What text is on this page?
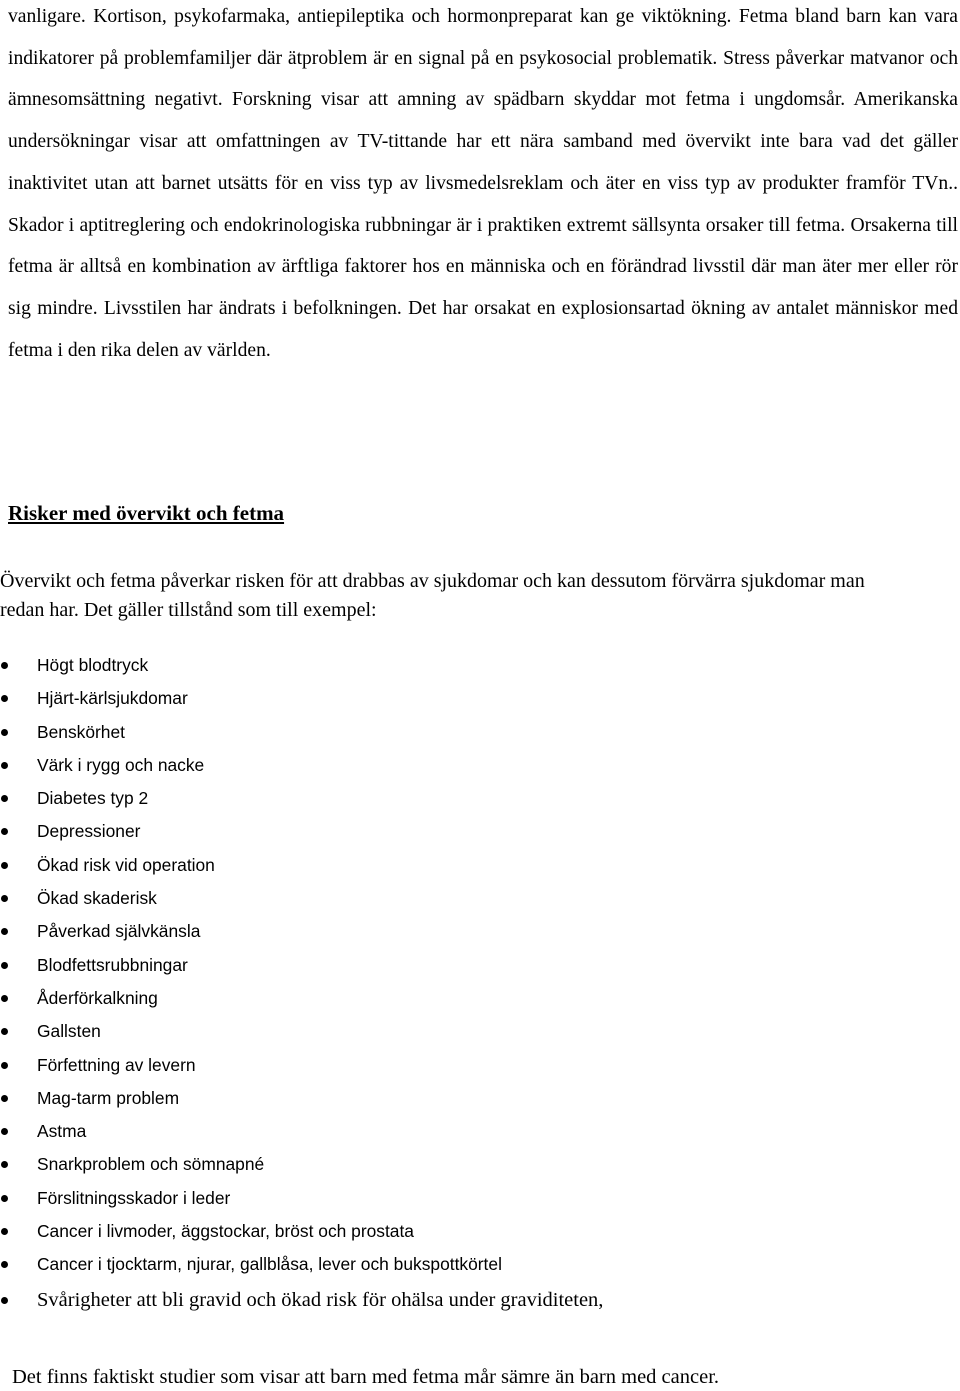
vanligare. Kortison, psykofarmaka, antiepileptika och hormonpreparat kan ge viktökning. Fetma bland barn kan vara indikatorer på problemfamiljer där ätproblem är en signal på en psykosocial problematik. Stress påverkar matvanor och ämnesomsättning negativt. Forskning visar att amning av spädbarn skyddar mot fetma i ungdomsår. Amerikanska undersökningar visar att omfattningen av TV-tittande har ett nära samband med övervikt inte bara vad det gäller inaktivitet utan att barnet utsätts för en viss typ av livsmedelsreklam och äter en viss typ av produkter framför TVn.. Skador i aptitreglering och endokrinologiska rubbningar är i praktiken extremt sällsynta orsaker till fetma. Orsakerna till fetma är alltså en kombination av ärftliga faktorer hos en människa och en förändrad livsstil där man äter mer eller rör sig mindre. Livsstilen har ändrats i befolkningen. Det har orsakat en explosionsartad ökning av antalet människor med fetma i den rika delen av världen.

Risker med övervikt och fetma

Övervikt och fetma påverkar risken för att drabbas av sjukdomar och kan dessutom förvärra sjukdomar man redan har. Det gäller tillstånd som till exempel:

Högt blodtryck
Hjärt-kärlsjukdomar
Benskörhet
Värk i rygg och nacke
Diabetes typ 2
Depressioner
Ökad risk vid operation
Ökad skaderisk
Påverkad självkänsla
Blodfettsrubbningar
Åderförkalkning
Gallsten
Förfettning av levern
Mag-tarm problem
Astma
Snarkproblem och sömnapné
Förslitningsskador i leder
Cancer i livmoder, äggstockar, bröst och prostata
Cancer i tjocktarm, njurar, gallblåsa, lever och bukspottkörtel
Svårigheter att bli gravid och ökad risk för ohälsa under graviditeten,

Det finns faktiskt studier som visar att barn med fetma mår sämre än barn med cancer.
